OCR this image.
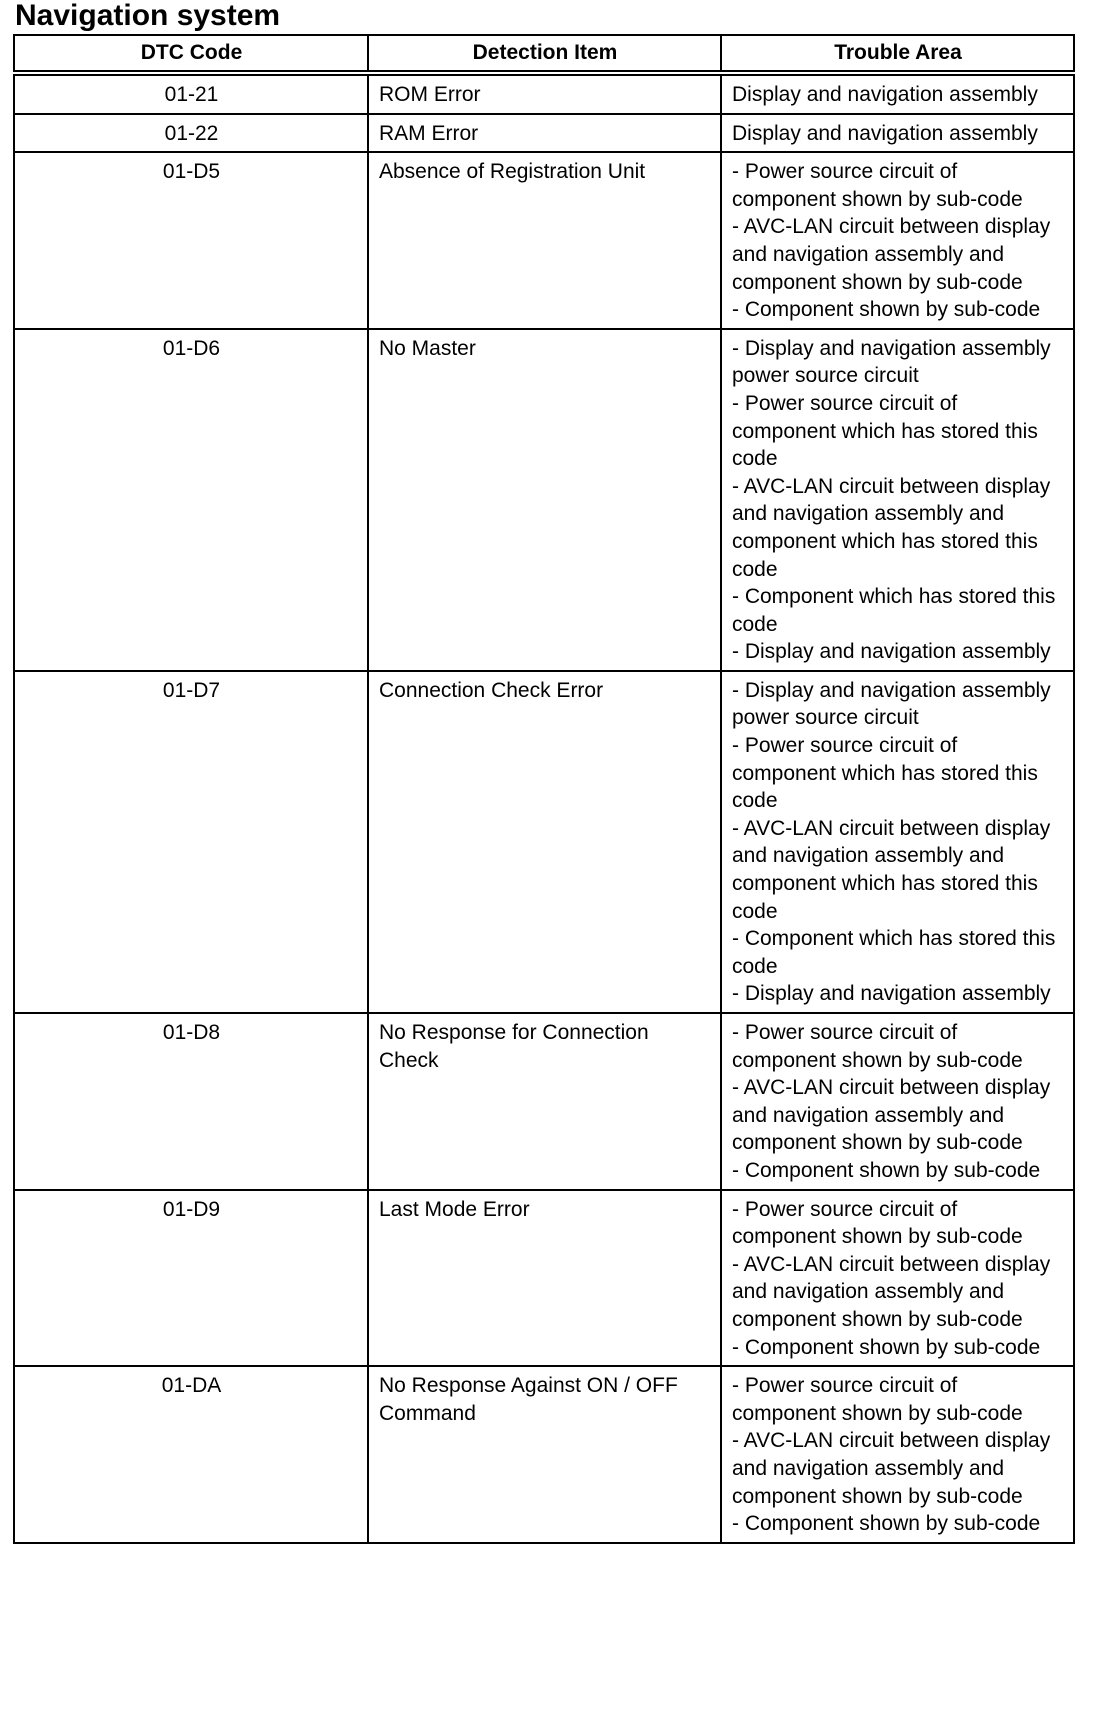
Navigation system
DTC Code	Detection Item	Trouble Area
01-21	ROM Error	Display and navigation assembly

01-22	RAM Error	Display and navigation assembly

01-D5	Absence of Registration Unit	- Power source circuit of component shown by sub-code
- AVC-LAN circuit between display and navigation assembly and component shown by sub-code
- Component shown by sub-code

01-D6	No Master	- Display and navigation assembly power source circuit
- Power source circuit of component which has stored this code
- AVC-LAN circuit between display and navigation assembly and component which has stored this code
- Component which has stored this code
- Display and navigation assembly

01-D7	Connection Check Error	- Display and navigation assembly power source circuit
- Power source circuit of component which has stored this code
- AVC-LAN circuit between display and navigation assembly and component which has stored this code
- Component which has stored this code
- Display and navigation assembly

01-D8	No Response for Connection Check	- Power source circuit of component shown by sub-code
- AVC-LAN circuit between display and navigation assembly and component shown by sub-code
- Component shown by sub-code

01-D9	Last Mode Error	- Power source circuit of component shown by sub-code
- AVC-LAN circuit between display and navigation assembly and component shown by sub-code
- Component shown by sub-code

01-DA	No Response Against ON / OFF Command	- Power source circuit of component shown by sub-code
- AVC-LAN circuit between display and navigation assembly and component shown by sub-code
- Component shown by sub-code
